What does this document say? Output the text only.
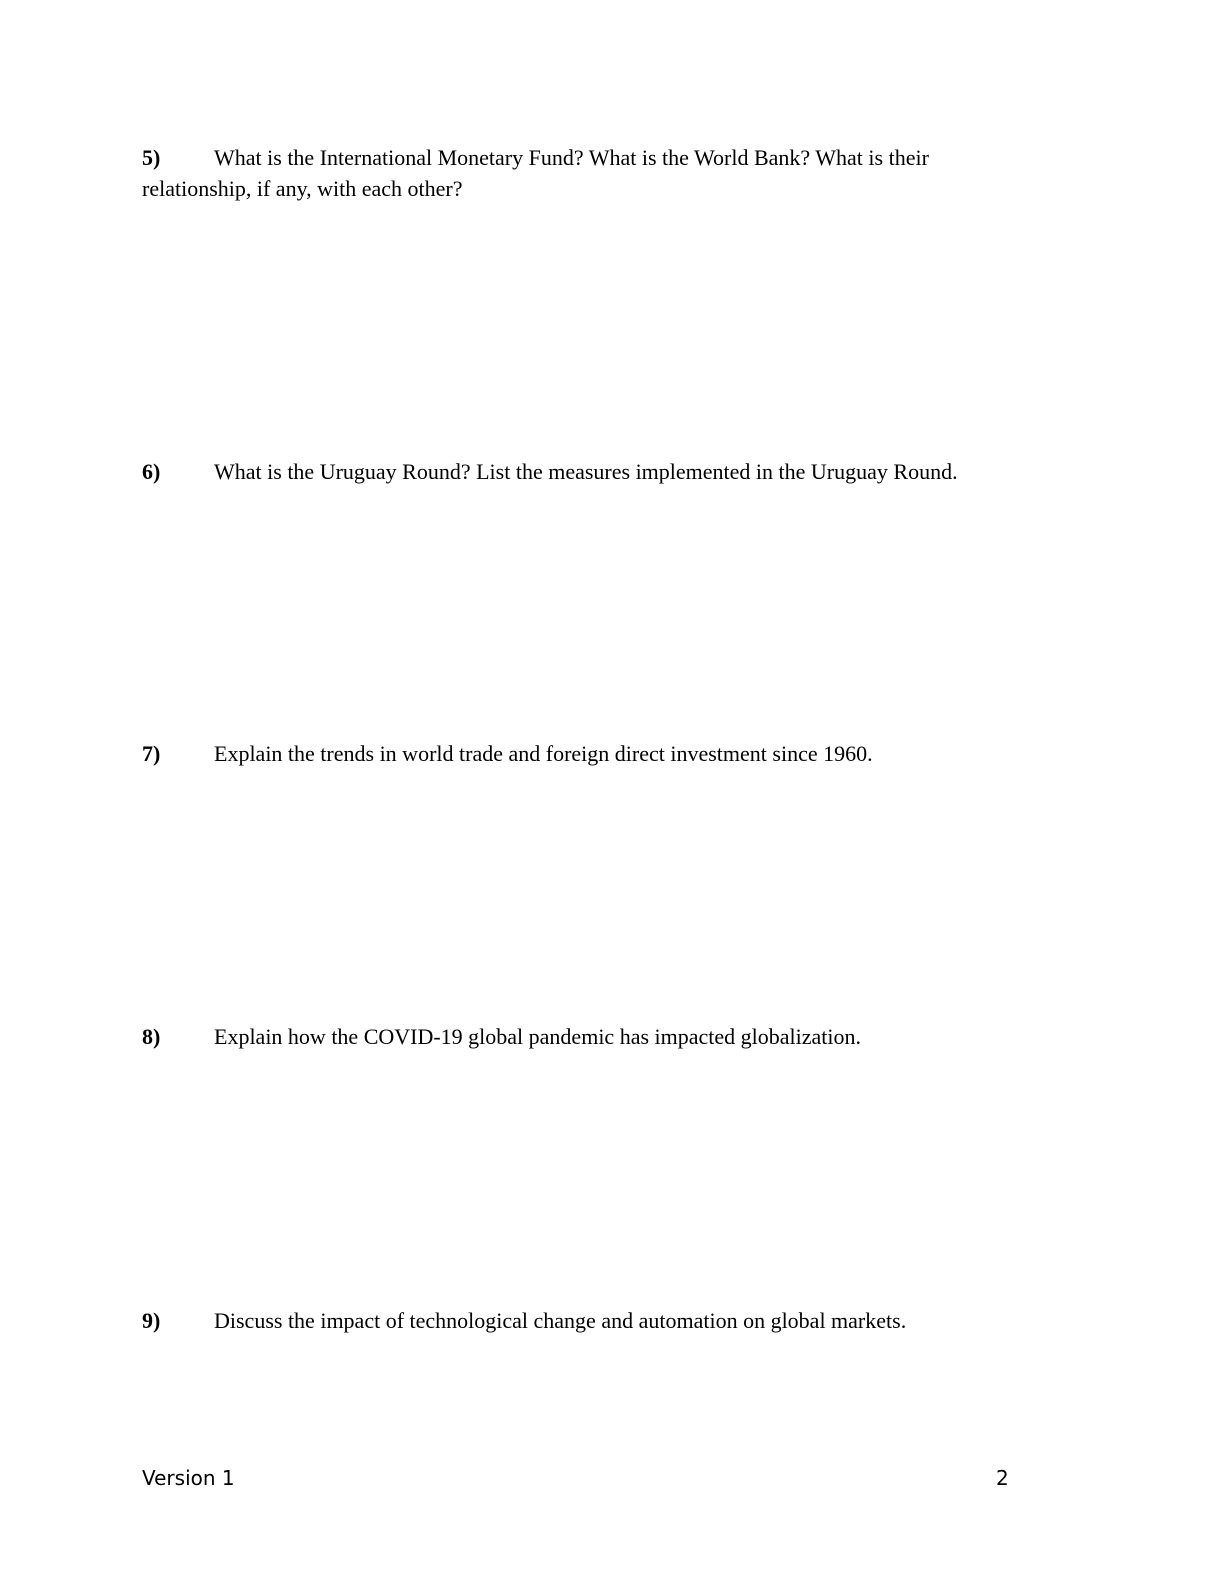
5) What is the International Monetary Fund? What is the World Bank? What is their relationship, if any, with each other?
6) What is the Uruguay Round? List the measures implemented in the Uruguay Round.
7) Explain the trends in world trade and foreign direct investment since 1960.
8) Explain how the COVID-19 global pandemic has impacted globalization.
9) Discuss the impact of technological change and automation on global markets.
Version 1	2
